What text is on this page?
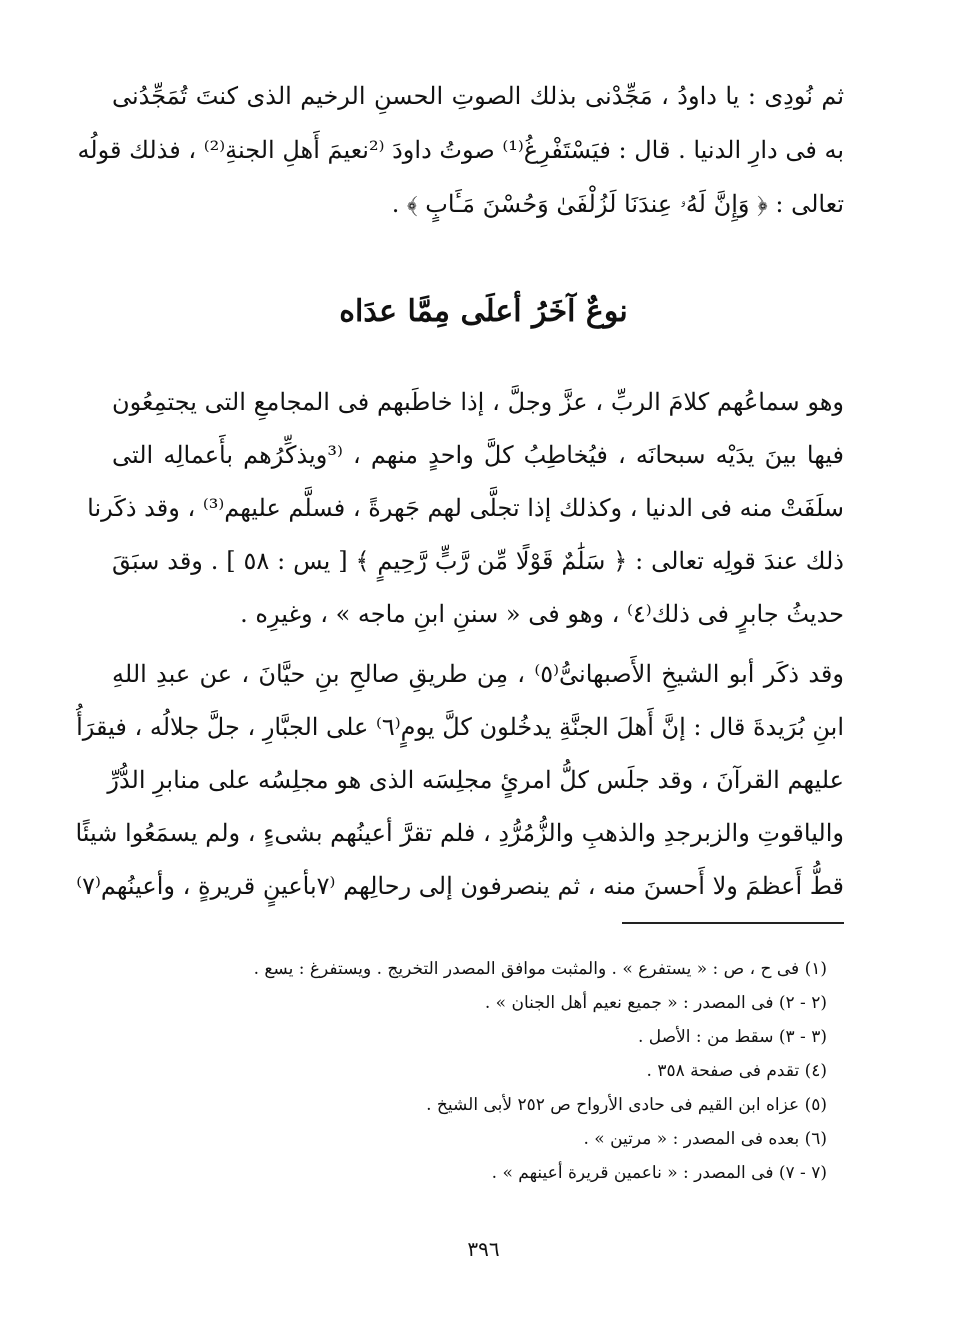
ثم نُودِى : يا داودُ ، مَجِّدْنى بذلك الصوتِ الحسنِ الرخيم الذى كنتَ تُمَجِّدُنى
به فى دارِ الدنيا . قال : فيَسْتَفْرِغُ⁽¹⁾ صوتُ داودَ ⁽²نعيمَ أَهلِ الجنةِ⁽²⁾ ، فذلك قولُه
تعالى : ﴿ وَإِنَّ لَهُۥ عِندَنَا لَزُلْفَىٰ وَحُسْنَ مَـَٔابٍ ﴾ .
نوعٌ آخَرُ أعلَى مِمَّا عدَاه
وهو سماعُهم كلامَ الربِّ ، عزَّ وجلَّ ، إذا خاطَبهم فى المجامعِ التى يجتمِعُون
فيها بينَ يدَيْه سبحانَه ، فيُخاطِبُ كلَّ واحدٍ منهم ، ⁽³ويذكِّرُهم بأَعمالِه التى
سلَفَتْ منه فى الدنيا ، وكذلك إذا تجلَّى لهم جَهرةً ، فسلَّم عليهم⁽³⁾ ، وقد ذكَرنا
ذلك عندَ قولِه تعالى : ﴿ سَلَٰمٌ قَوْلًا مِّن رَّبٍّ رَّحِيمٍ ﴾ [ يس : ٥٨ ] . وقد سبَقَ
حديثُ جابرٍ فى ذلك⁽٤⁾ ، وهو فى « سننِ ابنِ ماجه » ، وغيرِه .
وقد ذكَر أبو الشيخِ الأَصبهانىُّ⁽٥⁾ ، مِن طريقِ صالحِ بنِ حيَّانَ ، عن عبدِ اللهِ
ابنِ بُرَيدةَ قال : إنَّ أَهلَ الجنَّةِ يدخُلون كلَّ يومٍ⁽٦⁾ على الجبَّارِ ، جلَّ جلالُه ، فيقرَأُ
عليهم القرآنَ ، وقد جلَس كلُّ امرئٍ مجلِسَه الذى هو مجلِسُه على منابرِ الدُّرِّ
والياقوتِ والزبرجدِ والذهبِ والزُّمُرُّدِ ، فلم تقرَّ أعينُهم بشىءٍ ، ولم يسمَعُوا شيئًا
قطُّ أَعظمَ ولا أَحسنَ منه ، ثم ينصرفون إلى رحالِهم ⁽٧بأعينٍ قريرةٍ ، وأعينُهم⁽٧⁾
(١) فى ح ، ص : « يستفرع » . والمثبت موافق المصدر التخريج . ويستفرغ : يسع .
(٢ - ٢) فى المصدر : « جميع نعيم أهل الجنان » .
(٣ - ٣) سقط من : الأصل .
(٤) تقدم فى صفحة ٣٥٨ .
(٥) عزاه ابن القيم فى حادى الأرواح ص ٢٥٢ لأبى الشيخ .
(٦) بعده فى المصدر : « مرتين » .
(٧ - ٧) فى المصدر : « ناعمين قريرة أعينهم » .
٣٩٦
